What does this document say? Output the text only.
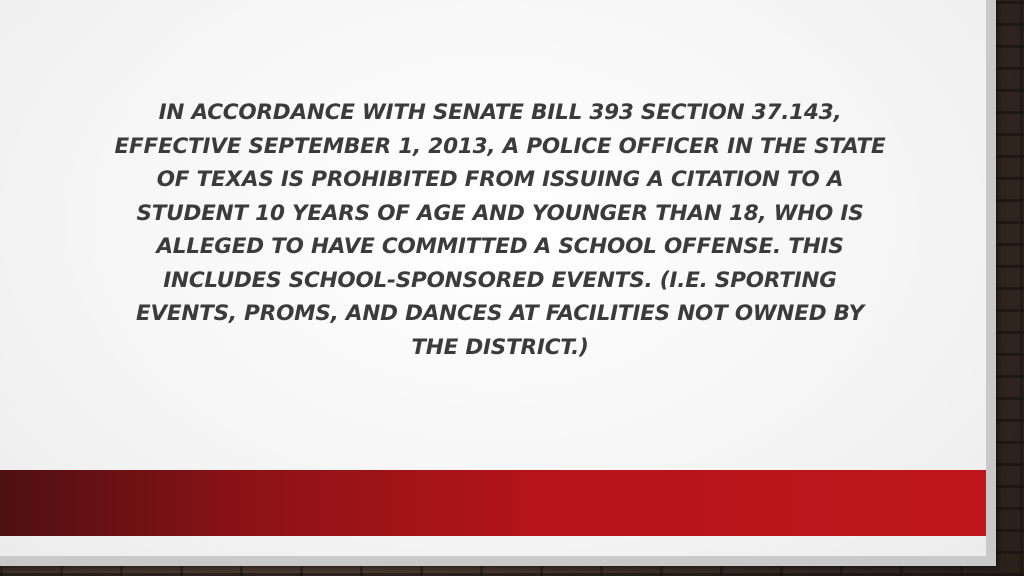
IN ACCORDANCE WITH SENATE BILL 393 SECTION 37.143, EFFECTIVE SEPTEMBER 1, 2013, A POLICE OFFICER IN THE STATE OF TEXAS IS PROHIBITED FROM ISSUING A CITATION TO A STUDENT 10 YEARS OF AGE AND YOUNGER THAN 18, WHO IS ALLEGED TO HAVE COMMITTED A SCHOOL OFFENSE. THIS INCLUDES SCHOOL-SPONSORED EVENTS. (I.E. SPORTING EVENTS, PROMS, AND DANCES AT FACILITIES NOT OWNED BY THE DISTRICT.)
